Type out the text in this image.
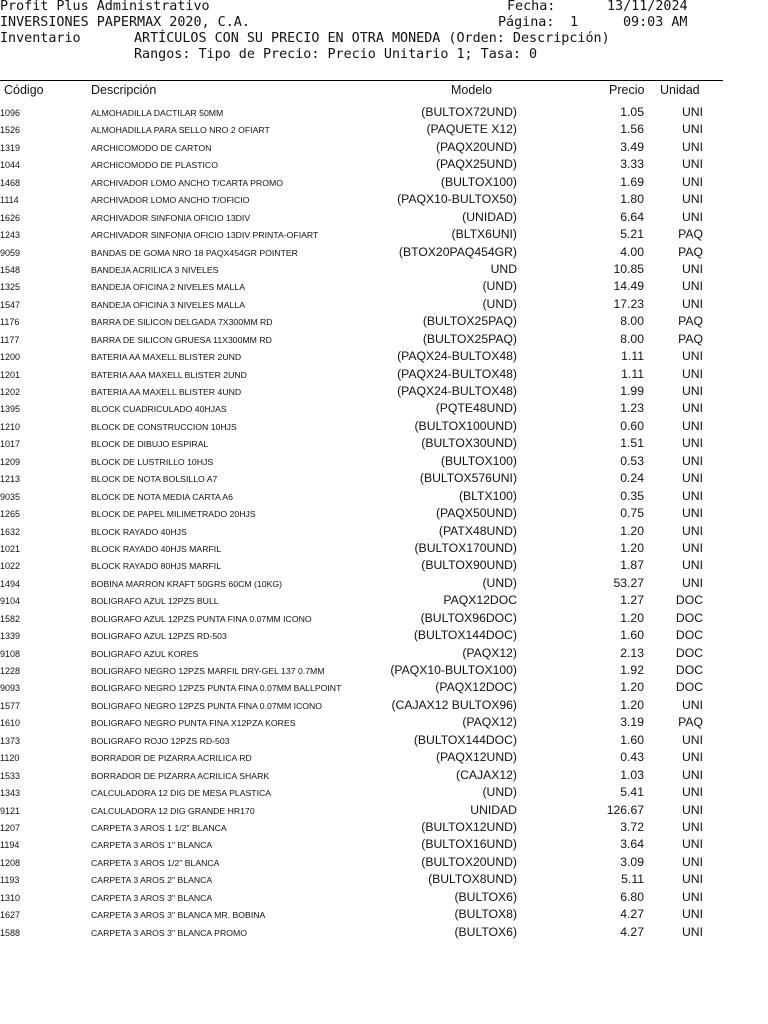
Profit Plus Administrativo
INVERSIONES PAPERMAX 2020, C.A.
Inventario	ARTÍCULOS CON SU PRECIO EN OTRA MONEDA (Orden: Descripción)
Rangos: Tipo de Precio: Precio Unitario 1; Tasa: 0
Fecha:	13/11/2024
Página: 1	09:03 AM
Código	Descripción	Modelo	Precio Unidad
1096	ALMOHADILLA DACTILAR 50MM	(BULTOX72UND)	1.05	UNI
1526	ALMOHADILLA PARA SELLO NRO 2 OFIART	(PAQUETE X12)	1.56	UNI
1319	ARCHICOMODO DE CARTON	(PAQX20UND)	3.49	UNI
1044	ARCHICOMODO DE PLASTICO	(PAQX25UND)	3.33	UNI
1468	ARCHIVADOR LOMO ANCHO T/CARTA PROMO	(BULTOX100)	1.69	UNI
1114	ARCHIVADOR LOMO ANCHO T/OFICIO	(PAQX10-BULTOX50)	1.80	UNI
1626	ARCHIVADOR SINFONIA OFICIO 13DIV	(UNIDAD)	6.64	UNI
1243	ARCHIVADOR SINFONIA OFICIO 13DIV PRINTA-OFIART	(BLTX6UNI)	5.21	PAQ
9059	BANDAS DE GOMA NRO 18 PAQX454GR POINTER	(BTOX20PAQ454GR)	4.00	PAQ
1548	BANDEJA ACRILICA 3 NIVELES	UND	10.85	UNI
1325	BANDEJA OFICINA 2 NIVELES MALLA	(UND)	14.49	UNI
1547	BANDEJA OFICINA 3 NIVELES MALLA	(UND)	17.23	UNI
1176	BARRA DE SILICON DELGADA 7X300MM RD	(BULTOX25PAQ)	8.00	PAQ
1177	BARRA DE SILICON GRUESA 11X300MM RD	(BULTOX25PAQ)	8.00	PAQ
1200	BATERIA AA MAXELL BLISTER 2UND	(PAQX24-BULTOX48)	1.11	UNI
1201	BATERIA AAA MAXELL BLISTER 2UND	(PAQX24-BULTOX48)	1.11	UNI
1202	BATERIA AA MAXELL BLISTER 4UND	(PAQX24-BULTOX48)	1.99	UNI
1395	BLOCK CUADRICULADO 40HJAS	(PQTE48UND)	1.23	UNI
1210	BLOCK DE CONSTRUCCION 10HJS	(BULTOX100UND)	0.60	UNI
1017	BLOCK DE DIBUJO ESPIRAL	(BULTOX30UND)	1.51	UNI
1209	BLOCK DE LUSTRILLO 10HJS	(BULTOX100)	0.53	UNI
1213	BLOCK DE NOTA BOLSILLO A7	(BULTOX576UNI)	0.24	UNI
9035	BLOCK DE NOTA MEDIA CARTA A6	(BLTX100)	0.35	UNI
1265	BLOCK DE PAPEL MILIMETRADO 20HJS	(PAQX50UND)	0.75	UNI
1632	BLOCK RAYADO 40HJS	(PATX48UND)	1.20	UNI
1021	BLOCK RAYADO 40HJS MARFIL	(BULTOX170UND)	1.20	UNI
1022	BLOCK RAYADO 80HJS MARFIL	(BULTOX90UND)	1.87	UNI
1494	BOBINA MARRON KRAFT 50GRS 60CM (10KG)	(UND)	53.27	UNI
9104	BOLIGRAFO AZUL 12PZS BULL	PAQX12DOC	1.27	DOC
1582	BOLIGRAFO AZUL 12PZS PUNTA FINA 0.07MM ICONO	(BULTOX96DOC)	1.20	DOC
1339	BOLIGRAFO AZUL 12PZS RD-503	(BULTOX144DOC)	1.60	DOC
9108	BOLIGRAFO AZUL KORES	(PAQX12)	2.13	DOC
1228	BOLIGRAFO NEGRO 12PZS MARFIL DRY-GEL 137 0.7MM	(PAQX10-BULTOX100)	1.92	DOC
9093	BOLIGRAFO NEGRO 12PZS PUNTA FINA 0.07MM BALLPOINT	(PAQX12DOC)	1.20	DOC
1577	BOLIGRAFO NEGRO 12PZS PUNTA FINA 0.07MM ICONO	(CAJAX12 BULTOX96)	1.20	UNI
1610	BOLIGRAFO NEGRO PUNTA FINA X12PZA KORES	(PAQX12)	3.19	PAQ
1373	BOLIGRAFO ROJO 12PZS RD-503	(BULTOX144DOC)	1.60	UNI
1120	BORRADOR DE PIZARRA ACRILICA RD	(PAQX12UND)	0.43	UNI
1533	BORRADOR DE PIZARRA ACRILICA SHARK	(CAJAX12)	1.03	UNI
1343	CALCULADORA 12 DIG DE MESA PLASTICA	(UND)	5.41	UNI
9121	CALCULADORA 12 DIG GRANDE HR170	UNIDAD	126.67	UNI
1207	CARPETA 3 AROS 1 1/2" BLANCA	(BULTOX12UND)	3.72	UNI
1194	CARPETA 3 AROS 1" BLANCA	(BULTOX16UND)	3.64	UNI
1208	CARPETA 3 AROS 1/2" BLANCA	(BULTOX20UND)	3.09	UNI
1193	CARPETA 3 AROS 2" BLANCA	(BULTOX8UND)	5.11	UNI
1310	CARPETA 3 AROS 3" BLANCA	(BULTOX6)	6.80	UNI
1627	CARPETA 3 AROS 3" BLANCA MR. BOBINA	(BULTOX8)	4.27	UNI
1588	CARPETA 3 AROS 3" BLANCA PROMO	(BULTOX6)	4.27	UNI
